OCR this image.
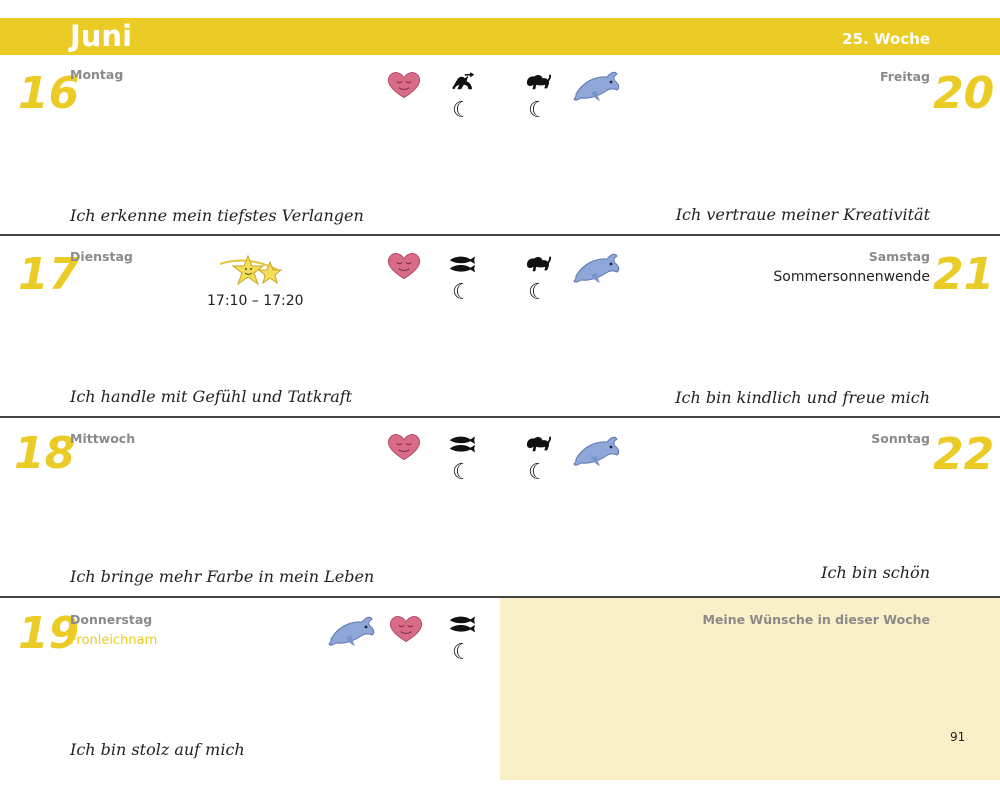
Juni	25. Woche
16
Montag
Ich erkenne mein tiefstes Verlangen
☾	☾
Freitag 20
Ich vertraue meiner Kreativität
17
Dienstag
17:10 – 17:20
Ich handle mit Gefühl und Tatkraft
☾	☾
Samstag
Sommersonnenwende 21
Ich bin kindlich und freue mich
18
Mittwoch
Ich bringe mehr Farbe in mein Leben
☾	☾
Sonntag 22
Ich bin schön
19
Donnerstag
Fronleichnam
Ich bin stolz auf mich
☾
Meine Wünsche in dieser Woche
91
